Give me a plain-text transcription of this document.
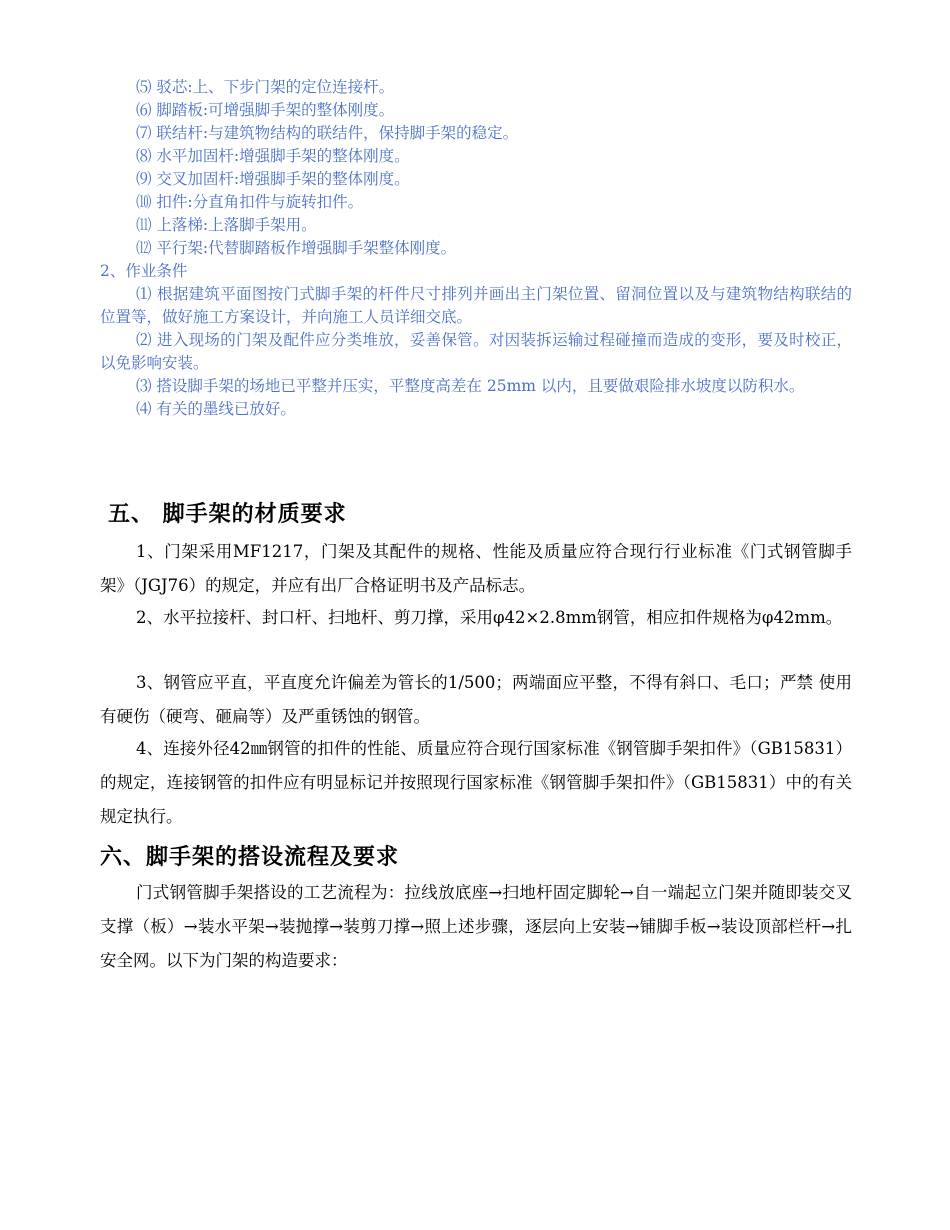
⑸ 驳芯:上、下步门架的定位连接杆。
⑹ 脚踏板:可增强脚手架的整体刚度。
⑺ 联结杆:与建筑物结构的联结件，保持脚手架的稳定。
⑻ 水平加固杆:增强脚手架的整体刚度。
⑼ 交叉加固杆:增强脚手架的整体刚度。
⑽ 扣件:分直角扣件与旋转扣件。
⑾ 上落梯:上落脚手架用。
⑿ 平行架:代替脚踏板作增强脚手架整体刚度。
2、作业条件
⑴ 根据建筑平面图按门式脚手架的杆件尺寸排列并画出主门架位置、留洞位置以及与建筑物结构联结的位置等，做好施工方案设计，并向施工人员详细交底。
⑵ 进入现场的门架及配件应分类堆放，妥善保管。对因装拆运输过程碰撞而造成的变形，要及时校正，以免影响安装。
⑶ 搭设脚手架的场地已平整并压实，平整度高差在 25mm 以内，且要做艰险排水坡度以防积水。
⑷ 有关的墨线已放好。
五、 脚手架的材质要求
1、门架采用MF1217，门架及其配件的规格、性能及质量应符合现行行业标准《门式钢管脚手架》（JGJ76）的规定，并应有出厂合格证明书及产品标志。
2、水平拉接杆、封口杆、扫地杆、剪刀撑，采用φ42×2.8mm钢管，相应扣件规格为φ42mm。
3、钢管应平直，平直度允许偏差为管长的1/500；两端面应平整，不得有斜口、毛口；严禁 使用有硬伤（硬弯、砸扁等）及严重锈蚀的钢管。
4、连接外径42㎜钢管的扣件的性能、质量应符合现行国家标准《钢管脚手架扣件》（GB15831）的规定，连接钢管的扣件应有明显标记并按照现行国家标准《钢管脚手架扣件》（GB15831）中的有关规定执行。
六、脚手架的搭设流程及要求
门式钢管脚手架搭设的工艺流程为：拉线放底座→扫地杆固定脚轮→自一端起立门架并随即装交叉支撑（板）→装水平架→装抛撑→装剪刀撑→照上述步骤，逐层向上安装→铺脚手板→装设顶部栏杆→扎安全网。以下为门架的构造要求：
